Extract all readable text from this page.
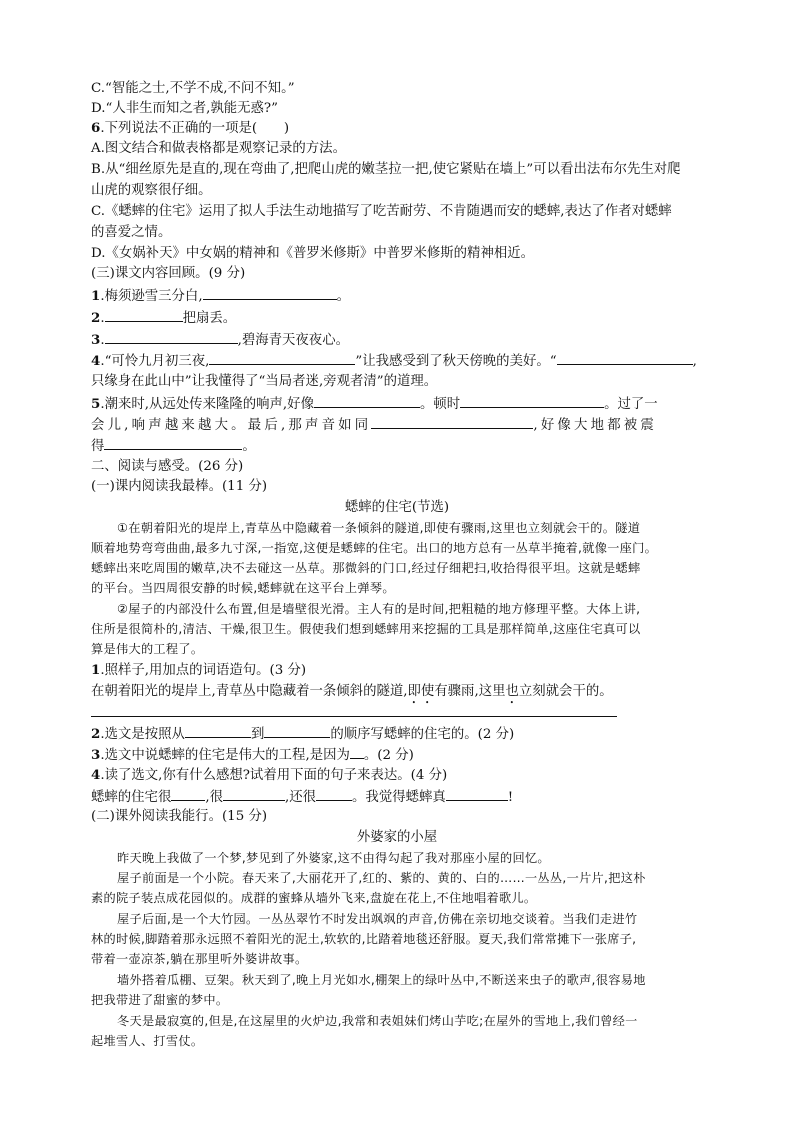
C.“智能之士,不学不成,不问不知。”
D.“人非生而知之者,孰能无惑?”
6.下列说法不正确的一项是(　　)
A.图文结合和做表格都是观察记录的方法。
B.从“细丝原先是直的,现在弯曲了,把爬山虎的嫩茎拉一把,使它紧贴在墙上”可以看出法布尔先生对爬
山虎的观察很仔细。
C.《蟋蟀的住宅》运用了拟人手法生动地描写了吃苦耐劳、不肯随遇而安的蟋蟀,表达了作者对蟋蟀
的喜爱之情。
D.《女娲补天》中女娲的精神和《普罗米修斯》中普罗米修斯的精神相近。
(三)课文内容回顾。(9 分)
1.梅须逊雪三分白,	。
2.	把扇丢。
3.	,碧海青天夜夜心。
4.“可怜九月初三夜,	”让我感受到了秋天傍晚的美好。“	,
只缘身在此山中”让我懂得了“当局者迷,旁观者清”的道理。
5.潮来时,从远处传来隆隆的响声,好像	。顿时	。过了一
会儿,响声越来越大。最后,那声音如同	,好像大地都被震
得	。
二、阅读与感受。(26 分)
(一)课内阅读我最棒。(11 分)
蟋蟀的住宅(节选)
①在朝着阳光的堤岸上,青草丛中隐藏着一条倾斜的隧道,即使有骤雨,这里也立刻就会干的。隧道
顺着地势弯弯曲曲,最多九寸深,一指宽,这便是蟋蟀的住宅。出口的地方总有一丛草半掩着,就像一座门。
蟋蟀出来吃周围的嫩草,决不去碰这一丛草。那微斜的门口,经过仔细耙扫,收拾得很平坦。这就是蟋蟀
的平台。当四周很安静的时候,蟋蟀就在这平台上弹琴。
②屋子的内部没什么布置,但是墙壁很光滑。主人有的是时间,把粗糙的地方修理平整。大体上讲,
住所是很简朴的,清洁、干燥,很卫生。假使我们想到蟋蟀用来挖掘的工具是那样简单,这座住宅真可以
算是伟大的工程了。
1.照样子,用加点的词语造句。(3 分)
在朝着阳光的堤岸上,青草丛中隐藏着一条倾斜的隧道,即使有骤雨,这里也立刻就会干的。
2.选文是按照从	到	的顺序写蟋蟀的住宅的。(2 分)
3.选文中说蟋蟀的住宅是伟大的工程,是因为 。(2 分)
4.读了选文,你有什么感想?试着用下面的句子来表达。(4 分)
蟋蟀的住宅很	,很	,还很	。我觉得蟋蟀真	!
(二)课外阅读我能行。(15 分)
外婆家的小屋
昨天晚上我做了一个梦,梦见到了外婆家,这不由得勾起了我对那座小屋的回忆。
屋子前面是一个小院。春天来了,大丽花开了,红的、紫的、黄的、白的……一丛丛,一片片,把这朴
素的院子装点成花园似的。成群的蜜蜂从墙外飞来,盘旋在花上,不住地唱着歌儿。
屋子后面,是一个大竹园。一丛丛翠竹不时发出飒飒的声音,仿佛在亲切地交谈着。当我们走进竹
林的时候,脚踏着那永远照不着阳光的泥土,软软的,比踏着地毯还舒服。夏天,我们常常摊下一张席子,
带着一壶凉茶,躺在那里听外婆讲故事。
墙外搭着瓜棚、豆架。秋天到了,晚上月光如水,棚架上的绿叶丛中,不断送来虫子的歌声,很容易地
把我带进了甜蜜的梦中。
冬天是最寂寞的,但是,在这屋里的火炉边,我常和表姐妹们烤山芋吃;在屋外的雪地上,我们曾经一
起堆雪人、打雪仗。
